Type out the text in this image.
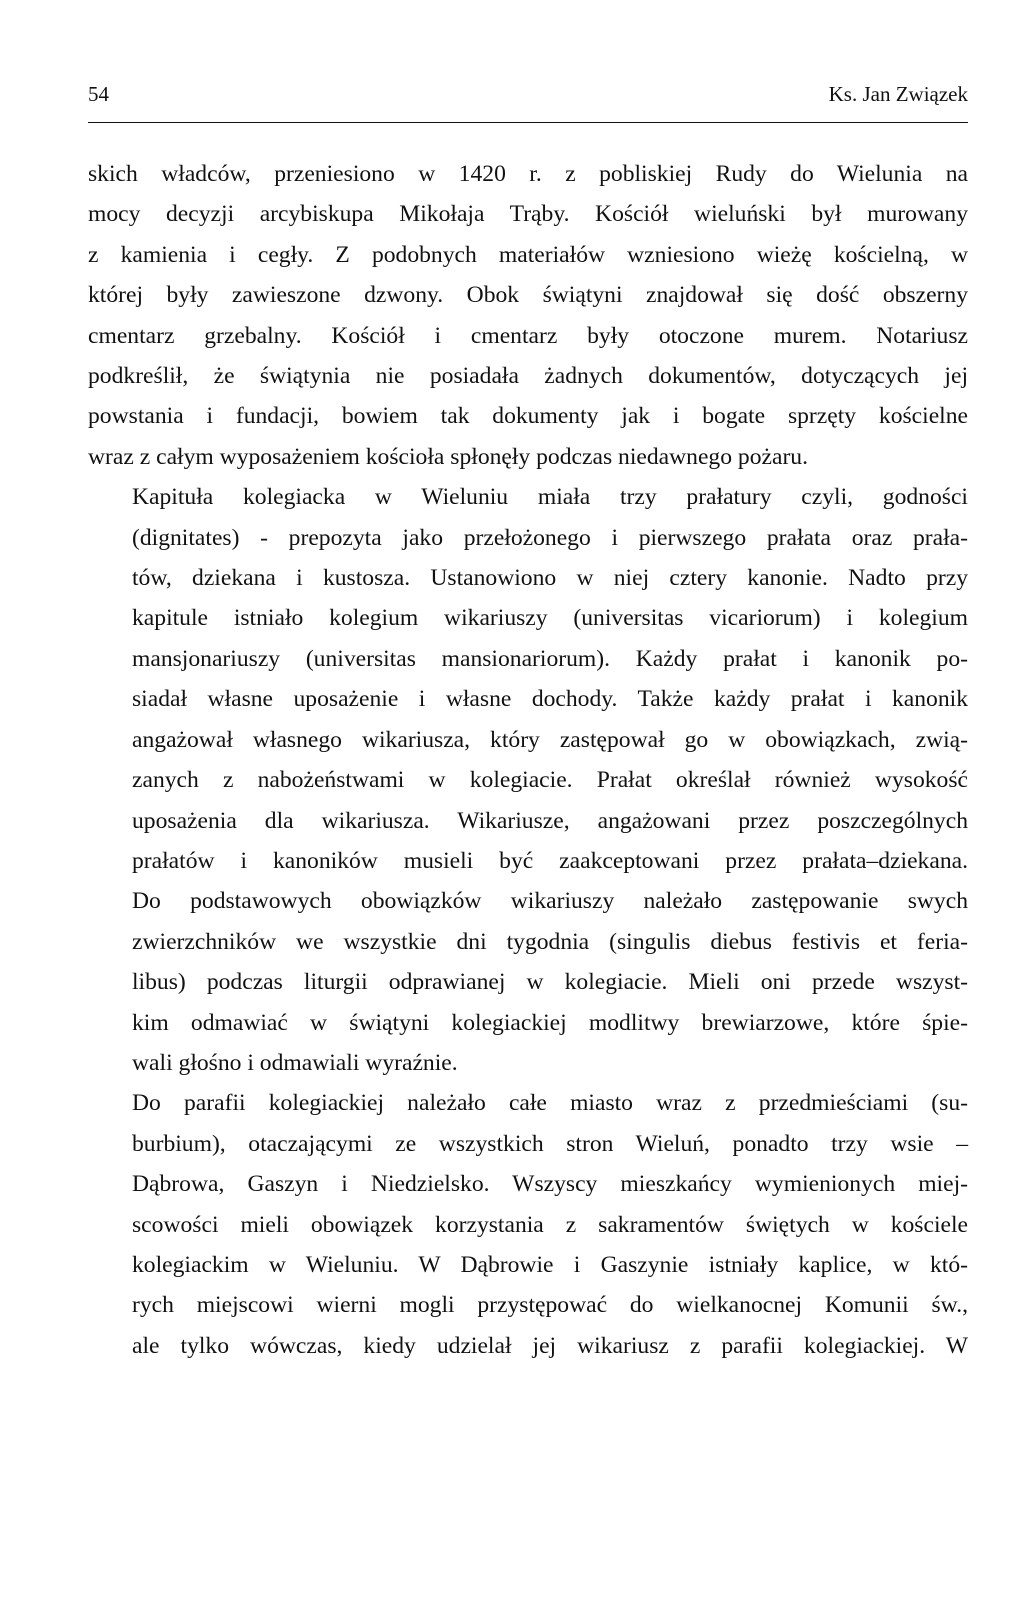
54	Ks. Jan Związek

skich władców, przeniesiono w 1420 r. z pobliskiej Rudy do Wielunia na
mocy decyzji arcybiskupa Mikołaja Trąby. Kościół wieluński był murowany
z kamienia i cegły. Z podobnych materiałów wzniesiono wieżę kościelną, w
której były zawieszone dzwony. Obok świątyni znajdował się dość obszerny
cmentarz grzebalny. Kościół i cmentarz były otoczone murem. Notariusz
podkreślił, że świątynia nie posiadała żadnych dokumentów, dotyczących jej
powstania i fundacji, bowiem tak dokumenty jak i bogate sprzęty kościelne
wraz z całym wyposażeniem kościoła spłonęły podczas niedawnego pożaru.

Kapituła kolegiacka w Wieluniu miała trzy prałatury czyli, godności
(dignitates) - prepozyta jako przełożonego i pierwszego prałata oraz prała-
tów, dziekana i kustosza. Ustanowiono w niej cztery kanonie. Nadto przy
kapitule istniało kolegium wikariuszy (universitas vicariorum) i kolegium
mansjonariuszy (universitas mansionariorum). Każdy prałat i kanonik po-
siadał własne uposażenie i własne dochody. Także każdy prałat i kanonik
angażował własnego wikariusza, który zastępował go w obowiązkach, zwią-
zanych z nabożeństwami w kolegiacie. Prałat określał również wysokość
uposażenia dla wikariusza. Wikariusze, angażowani przez poszczególnych
prałatów i kanoników musieli być zaakceptowani przez prałata–dziekana.
Do podstawowych obowiązków wikariuszy należało zastępowanie swych
zwierzchników we wszystkie dni tygodnia (singulis diebus festivis et feria-
libus) podczas liturgii odprawianej w kolegiacie. Mieli oni przede wszyst-
kim odmawiać w świątyni kolegiackiej modlitwy brewiarzowe, które śpie-
wali głośno i odmawiali wyraźnie.

Do parafii kolegiackiej należało całe miasto wraz z przedmieściami (su-
burbium), otaczającymi ze wszystkich stron Wieluń, ponadto trzy wsie –
Dąbrowa, Gaszyn i Niedzielsko. Wszyscy mieszkańcy wymienionych miej-
scowości mieli obowiązek korzystania z sakramentów świętych w kościele
kolegiackim w Wieluniu. W Dąbrowie i Gaszynie istniały kaplice, w któ-
rych miejscowi wierni mogli przystępować do wielkanocnej Komunii św.,
ale tylko wówczas, kiedy udzielał jej wikariusz z parafii kolegiackiej. W
